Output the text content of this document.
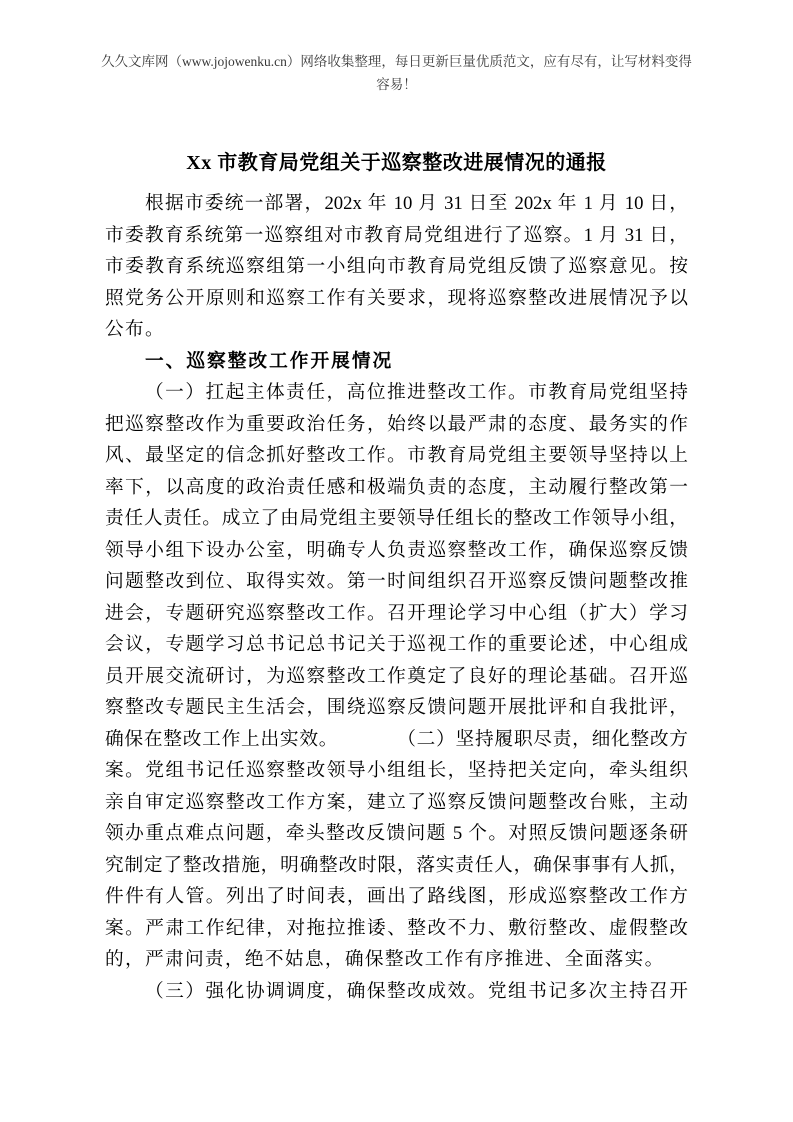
久久文库网（www.jojowenku.cn）网络收集整理，每日更新巨量优质范文，应有尽有，让写材料变得
容易！
Xx 市教育局党组关于巡察整改进展情况的通报
根据市委统一部署，202x 年 10 月 31 日至 202x 年 1 月 10 日，
市委教育系统第一巡察组对市教育局党组进行了巡察。1 月 31 日，
市委教育系统巡察组第一小组向市教育局党组反馈了巡察意见。按
照党务公开原则和巡察工作有关要求，现将巡察整改进展情况予以
公布。
一、巡察整改工作开展情况
（一）扛起主体责任，高位推进整改工作。市教育局党组坚持
把巡察整改作为重要政治任务，始终以最严肃的态度、最务实的作
风、最坚定的信念抓好整改工作。市教育局党组主要领导坚持以上
率下，以高度的政治责任感和极端负责的态度，主动履行整改第一
责任人责任。成立了由局党组主要领导任组长的整改工作领导小组，
领导小组下设办公室，明确专人负责巡察整改工作，确保巡察反馈
问题整改到位、取得实效。第一时间组织召开巡察反馈问题整改推
进会，专题研究巡察整改工作。召开理论学习中心组（扩大）学习
会议，专题学习总书记总书记关于巡视工作的重要论述，中心组成
员开展交流研讨，为巡察整改工作奠定了良好的理论基础。召开巡
察整改专题民主生活会，围绕巡察反馈问题开展批评和自我批评，
确保在整改工作上出实效。　　　　（二）坚持履职尽责，细化整改方
案。党组书记任巡察整改领导小组组长，坚持把关定向，牵头组织
亲自审定巡察整改工作方案，建立了巡察反馈问题整改台账，主动
领办重点难点问题，牵头整改反馈问题 5 个。对照反馈问题逐条研
究制定了整改措施，明确整改时限，落实责任人，确保事事有人抓，
件件有人管。列出了时间表，画出了路线图，形成巡察整改工作方
案。严肃工作纪律，对拖拉推诿、整改不力、敷衍整改、虚假整改
的，严肃问责，绝不姑息，确保整改工作有序推进、全面落实。
（三）强化协调调度，确保整改成效。党组书记多次主持召开
